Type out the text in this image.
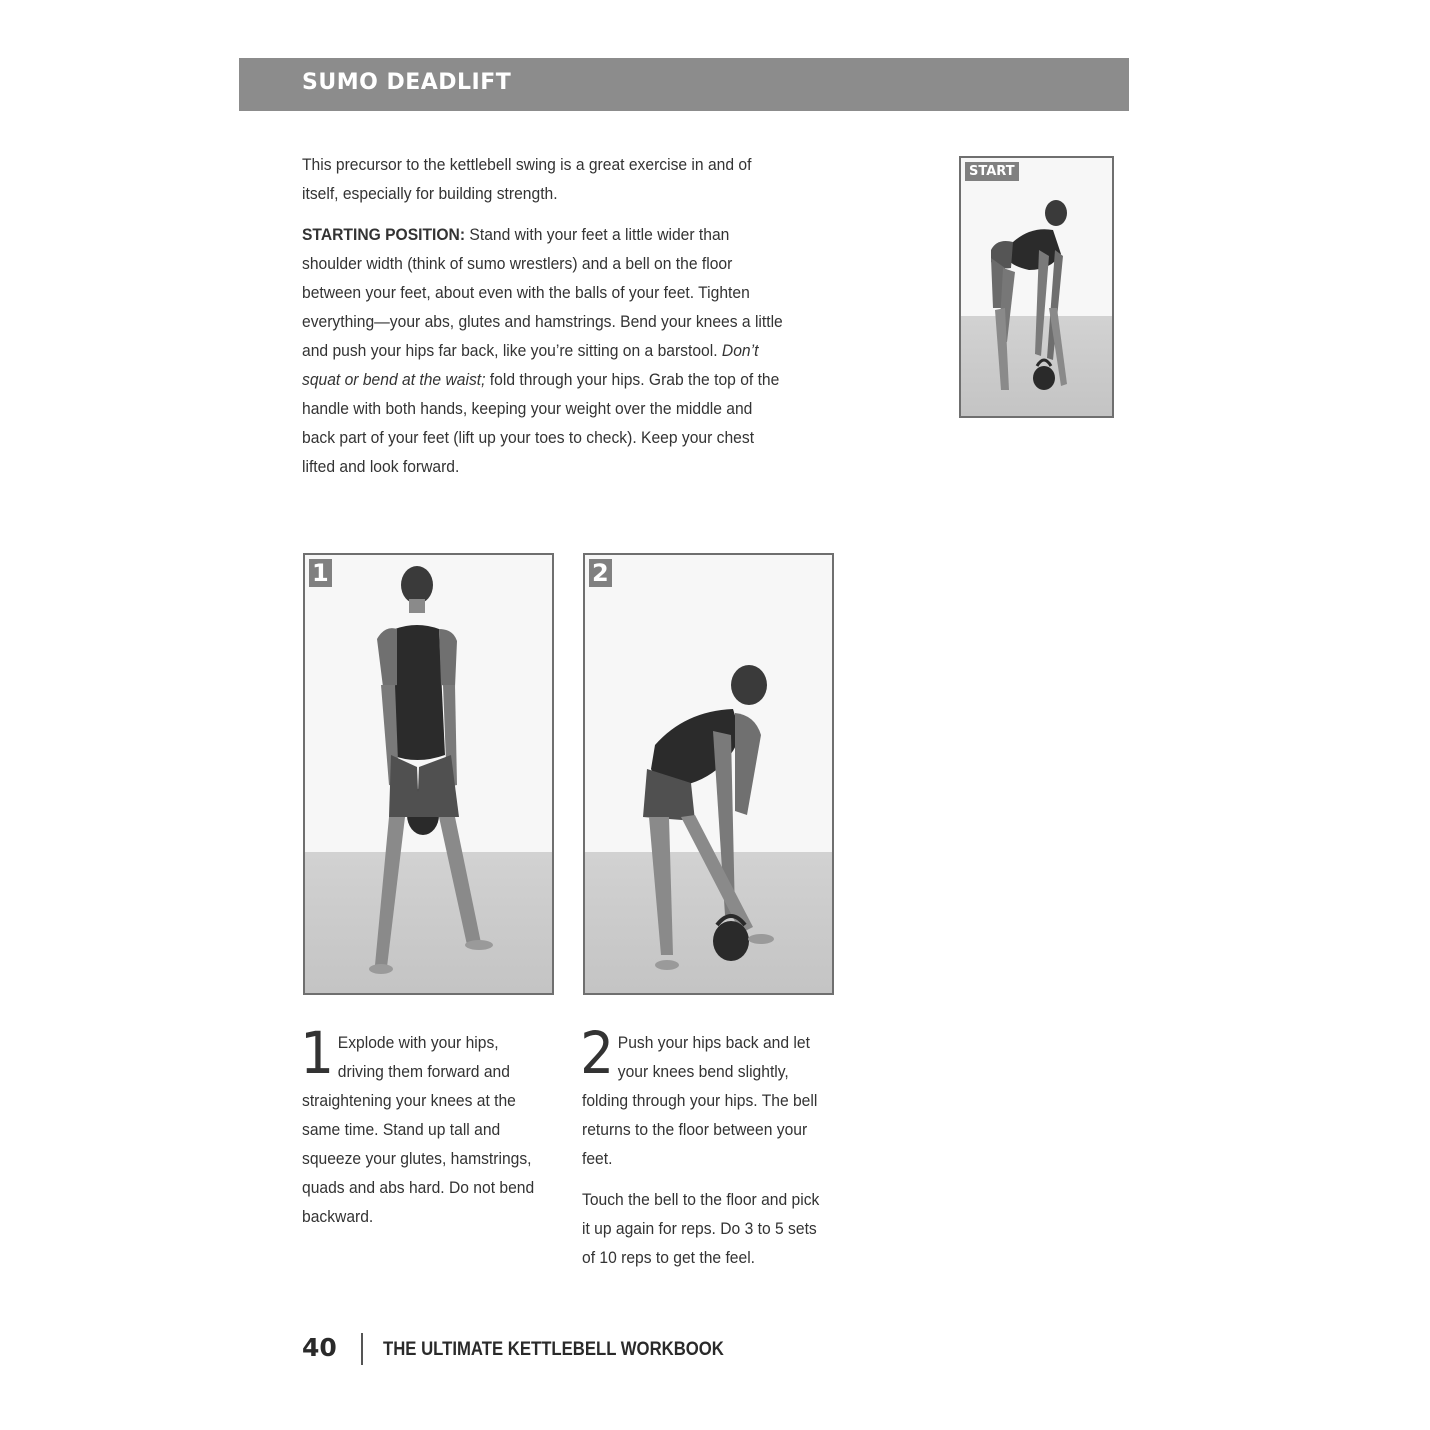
SUMO DEADLIFT

This precursor to the kettlebell swing is a great exercise in and of itself, especially for building strength.

STARTING POSITION: Stand with your feet a little wider than shoulder width (think of sumo wrestlers) and a bell on the floor between your feet, about even with the balls of your feet. Tighten everything—your abs, glutes and hamstrings. Bend your knees a little and push your hips far back, like you’re sitting on a barstool. Don’t squat or bend at the waist; fold through your hips. Grab the top of the handle with both hands, keeping your weight over the middle and back part of your feet (lift up your toes to check). Keep your chest lifted and look forward.

START
1	2

1 Explode with your hips, driving them forward and straightening your knees at the same time. Stand up tall and squeeze your glutes, hamstrings, quads and abs hard. Do not bend backward.

2 Push your hips back and let your knees bend slightly, folding through your hips. The bell returns to the floor between your feet.

Touch the bell to the floor and pick it up again for reps. Do 3 to 5 sets of 10 reps to get the feel.

40 THE ULTIMATE KETTLEBELL WORKBOOK
